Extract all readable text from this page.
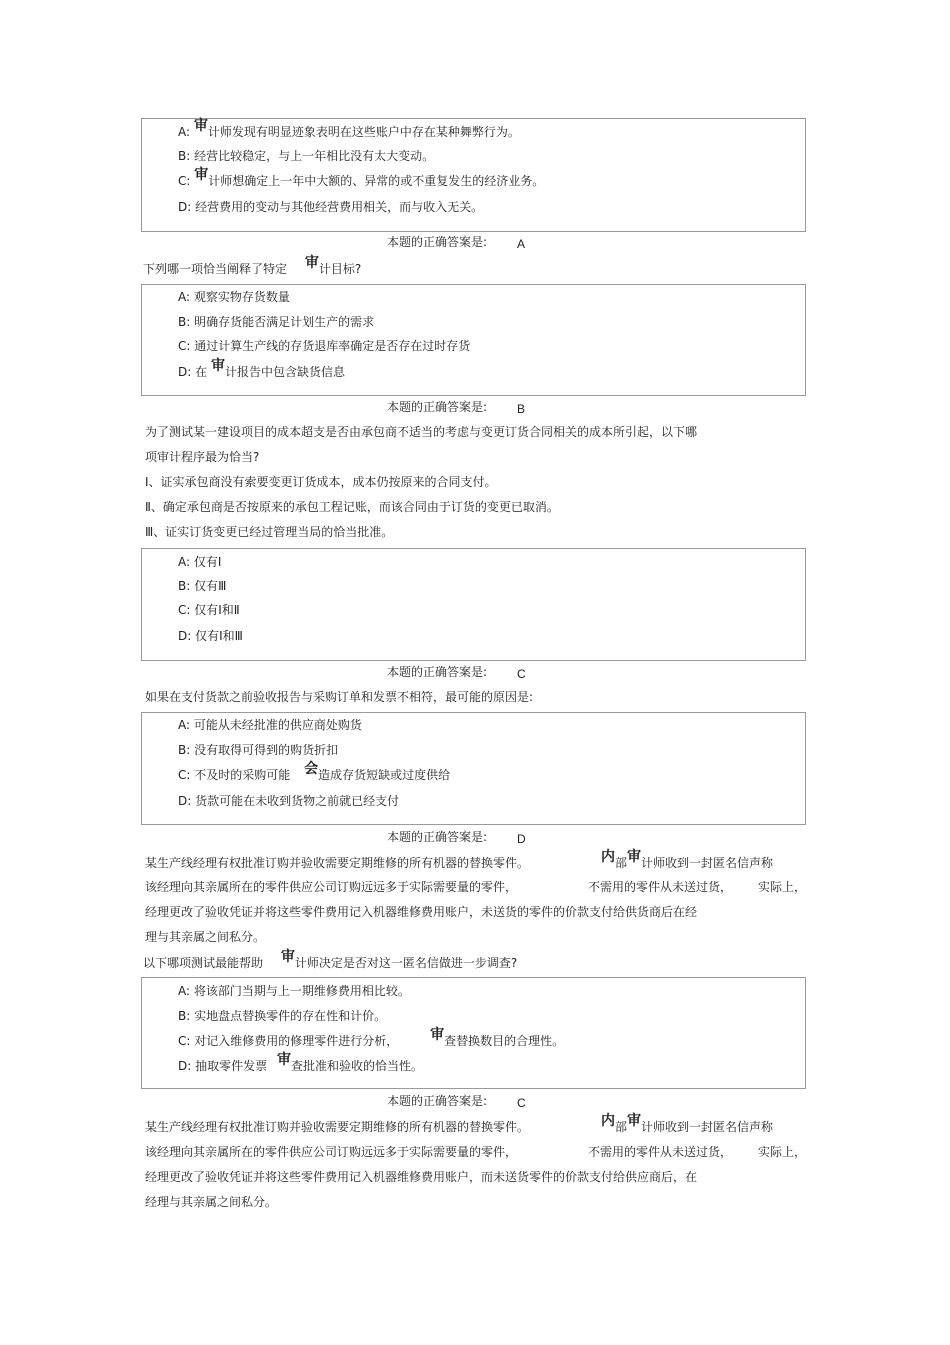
A: 审计师发现有明显迹象表明在这些账户中存在某种舞弊行为。
B: 经营比较稳定，与上一年相比没有太大变动。
C: 审计师想确定上一年中大额的、异常的或不重复发生的经济业务。
D: 经营费用的变动与其他经营费用相关，而与收入无关。
本题的正确答案是: A
下列哪一项恰当阐释了特定 审计目标?
A: 观察实物存货数量
B: 明确存货能否满足计划生产的需求
C: 通过计算生产线的存货退库率确定是否存在过时存货
D: 在 审计报告中包含缺货信息
本题的正确答案是: B
为了测试某一建设项目的成本超支是否由承包商不适当的考虑与变更订货合同相关的成本所引起，以下哪
项审计程序最为恰当?
Ⅰ、证实承包商没有索要变更订货成本，成本仍按原来的合同支付。
Ⅱ、确定承包商是否按原来的承包工程记账，而该合同由于订货的变更已取消。
Ⅲ、证实订货变更已经过管理当局的恰当批准。
A: 仅有Ⅰ
B: 仅有Ⅲ
C: 仅有Ⅰ和Ⅱ
D: 仅有Ⅰ和Ⅲ
本题的正确答案是: C
如果在支付货款之前验收报告与采购订单和发票不相符，最可能的原因是:
A: 可能从未经批准的供应商处购货
B: 没有取得可得到的购货折扣
C: 不及时的采购可能 会造成存货短缺或过度供给
D: 货款可能在未收到货物之前就已经支付
本题的正确答案是: D
某生产线经理有权批准订购并验收需要定期维修的所有机器的替换零件。	内部审计师收到一封匿名信声称
该经理向其亲属所在的零件供应公司订购远远多于实际需要量的零件，	不需用的零件从未送过货， 实际上，
经理更改了验收凭证并将这些零件费用记入机器维修费用账户，未送货的零件的价款支付给供货商后在经
理与其亲属之间私分。
以下哪项测试最能帮助 审计师决定是否对这一匿名信做进一步调查?
A: 将该部门当期与上一期维修费用相比较。
B: 实地盘点替换零件的存在性和计价。
C: 对记入维修费用的修理零件进行分析， 审查替换数目的合理性。
D: 抽取零件发票 审查批准和验收的恰当性。
本题的正确答案是: C
某生产线经理有权批准订购并验收需要定期维修的所有机器的替换零件。	内部审计师收到一封匿名信声称
该经理向其亲属所在的零件供应公司订购远远多于实际需要量的零件，	不需用的零件从未送过货， 实际上，
经理更改了验收凭证并将这些零件费用记入机器维修费用账户，而未送货零件的价款支付给供应商后，在
经理与其亲属之间私分。
